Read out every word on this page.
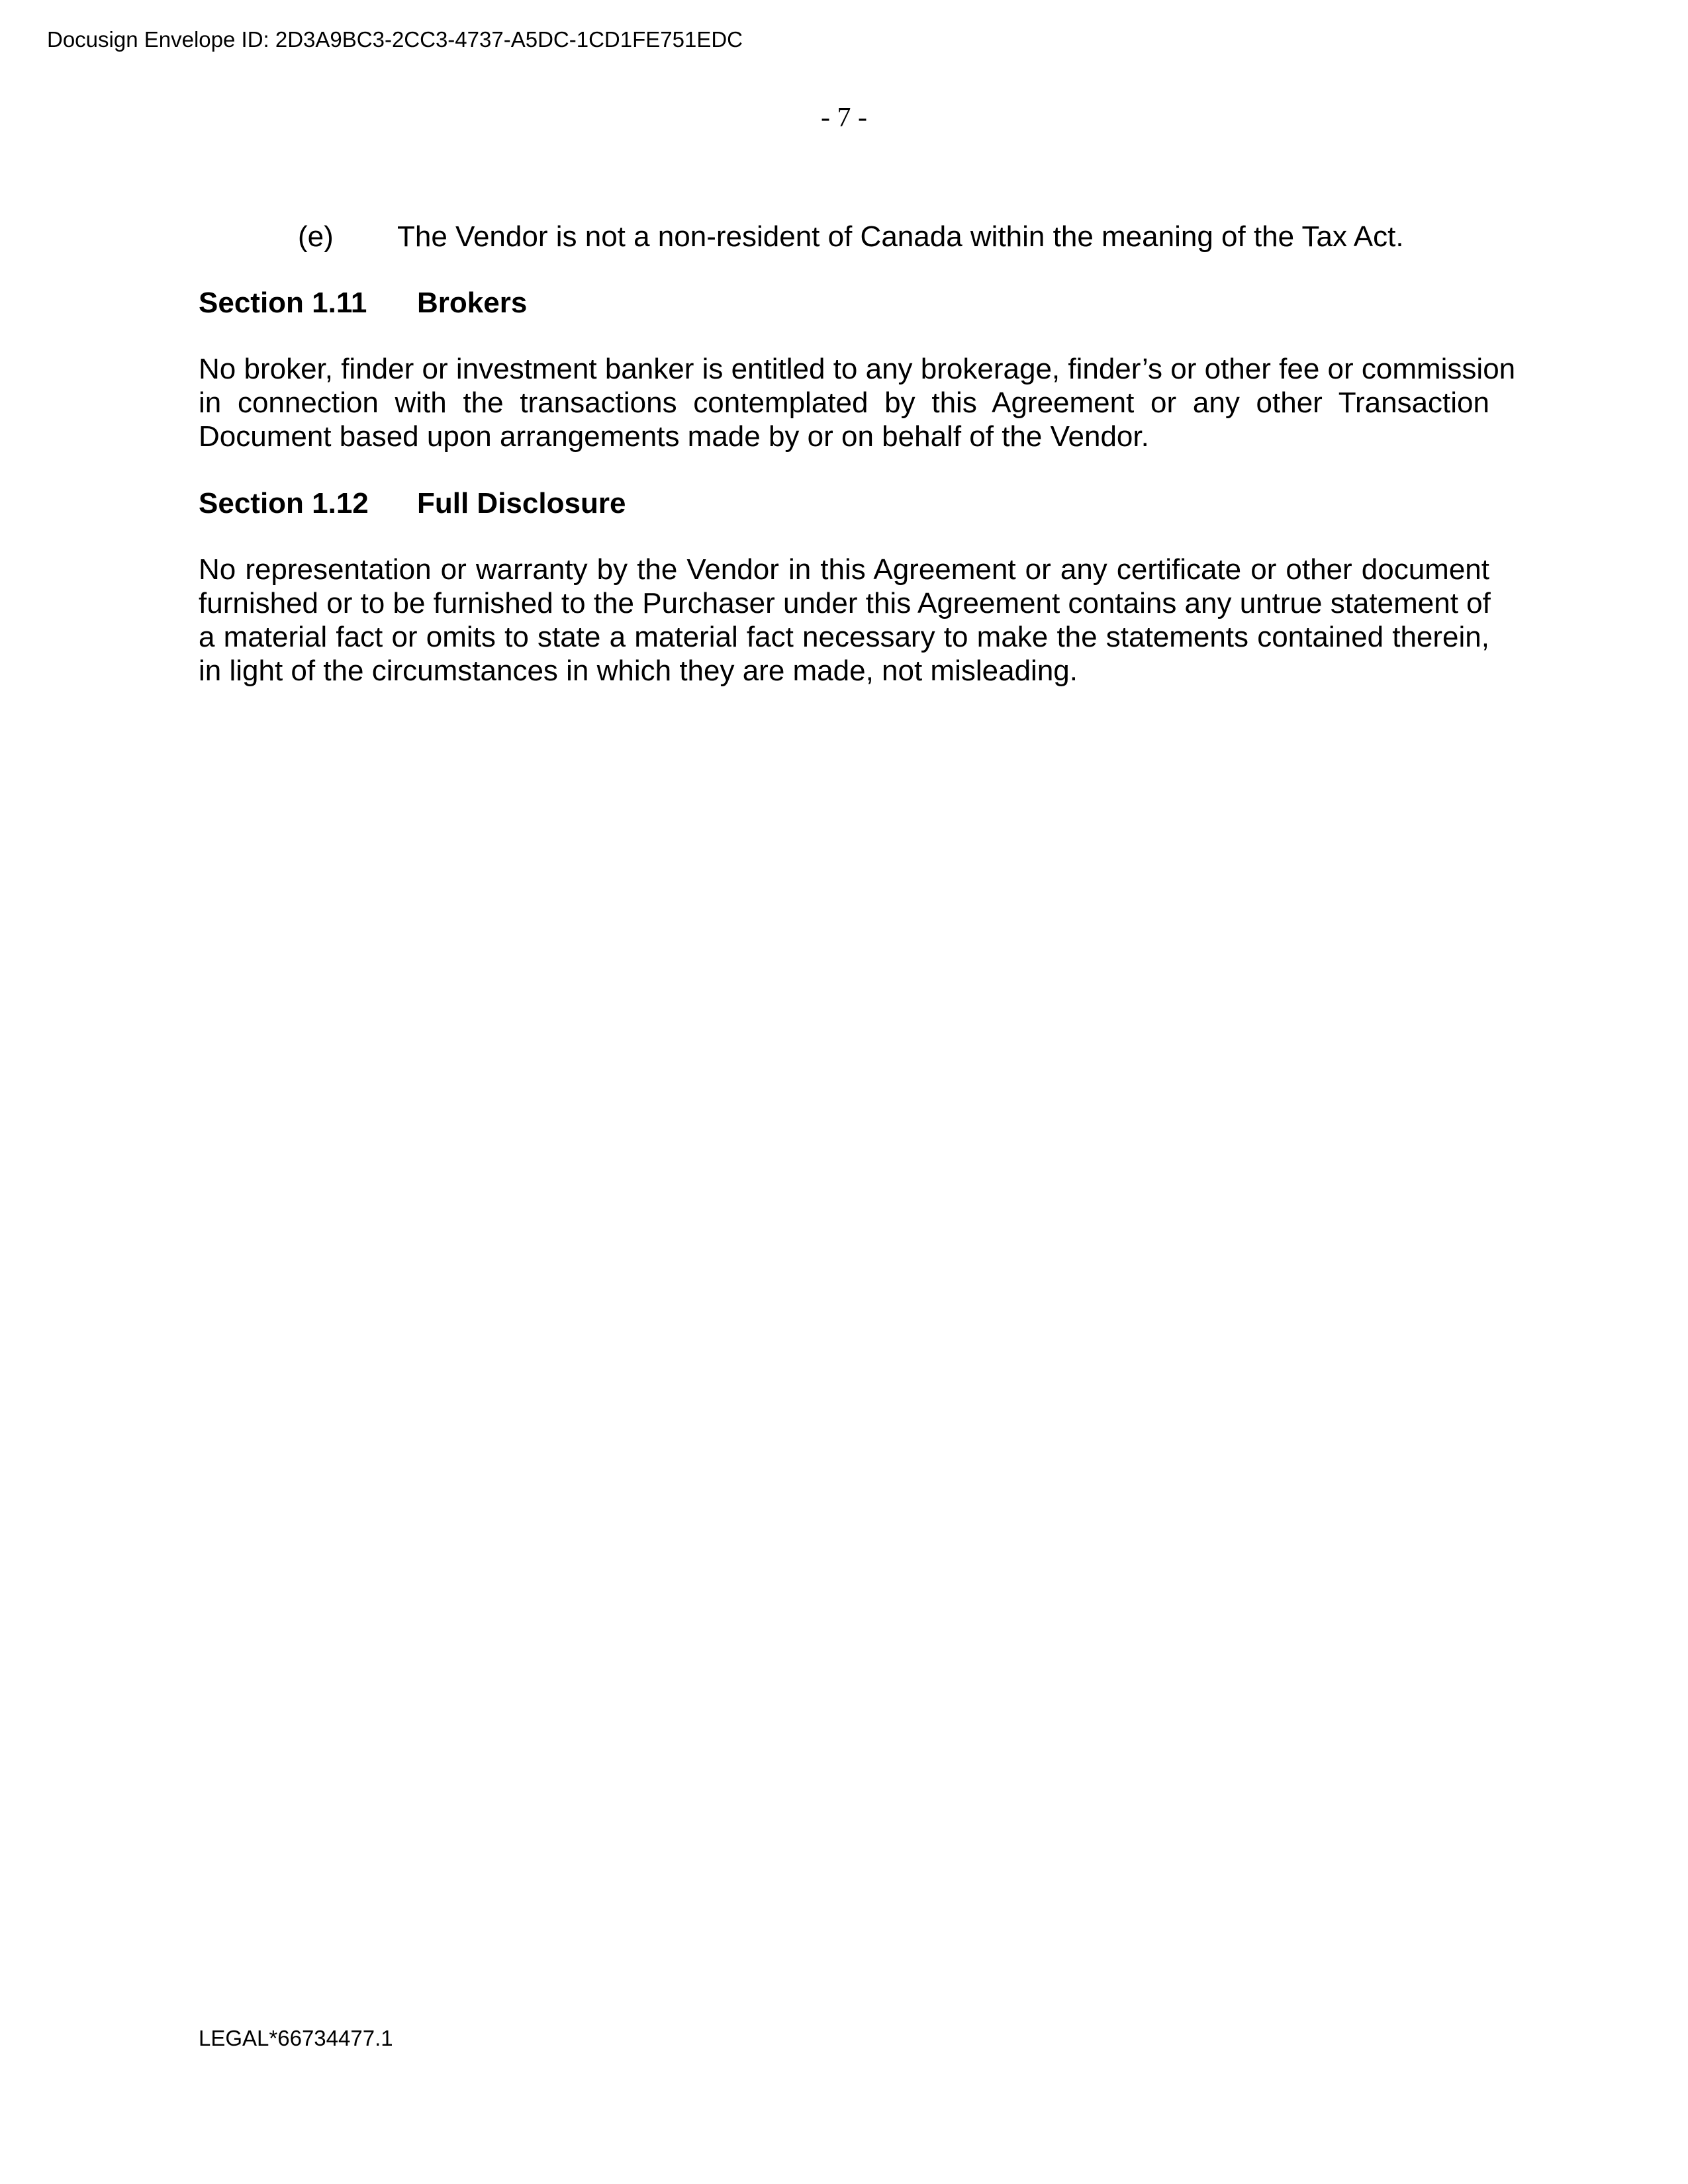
Docusign Envelope ID: 2D3A9BC3-2CC3-4737-A5DC-1CD1FE751EDC
- 7 -
(e) The Vendor is not a non-resident of Canada within the meaning of the Tax Act.
Section 1.11 Brokers
No broker, finder or investment banker is entitled to any brokerage, finder’s or other fee or commission
in connection with the transactions contemplated by this Agreement or any other Transaction
Document based upon arrangements made by or on behalf of the Vendor.
Section 1.12 Full Disclosure
No representation or warranty by the Vendor in this Agreement or any certificate or other document
furnished or to be furnished to the Purchaser under this Agreement contains any untrue statement of
a material fact or omits to state a material fact necessary to make the statements contained therein,
in light of the circumstances in which they are made, not misleading.
LEGAL*66734477.1
